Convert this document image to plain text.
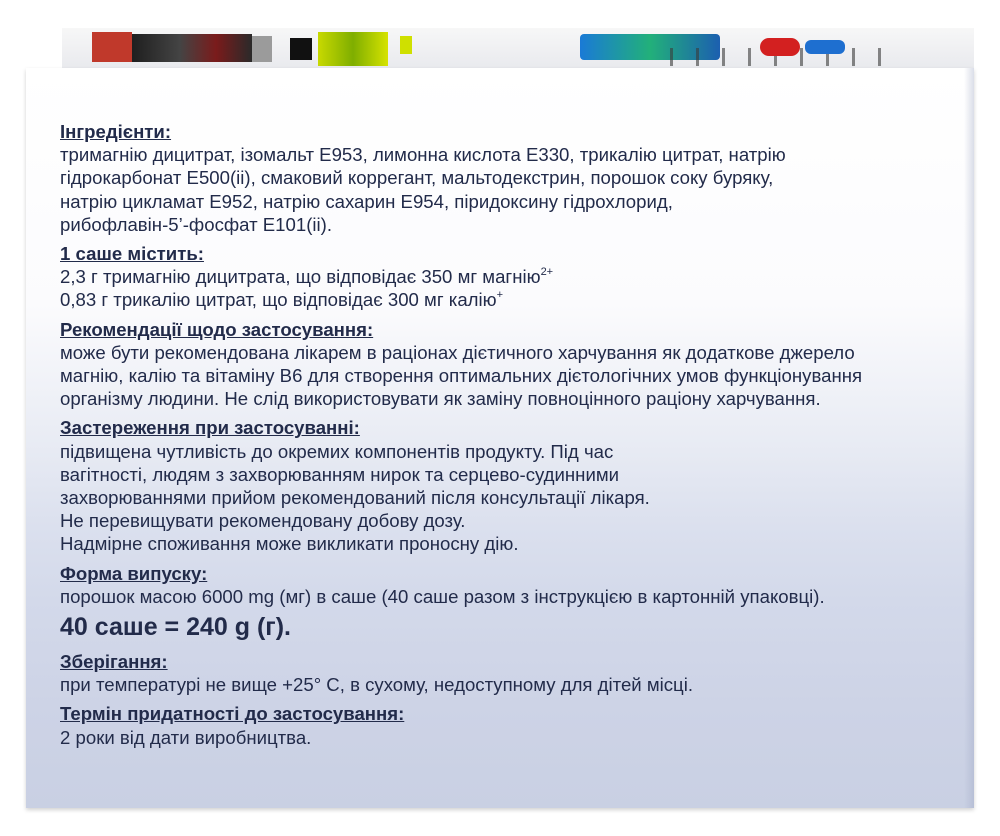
Інгредієнти:
тримагнію дицитрат, ізомальт E953, лимонна кислота E330, трикалію цитрат, натрію
гідрокарбонат E500(ii), смаковий коррегант, мальтодекстрин, порошок соку буряку,
натрію цикламат E952, натрію сахарин E954, піридоксину гідрохлорид,
рибофлавін-5’-фосфат E101(ii).
1 саше містить:
2,3 г тримагнію дицитрата, що відповідає 350 мг магнію$^{2+}$
0,83 г трикалію цитрат, що відповідає 300 мг калію+
Рекомендації щодо застосування:
може бути рекомендована лікарем в раціонах дієтичного харчування як додаткове джерело
магнію, калію та вітаміну В6 для створення оптимальних дієтологічних умов функціонування
організму людини. Не слід використовувати як заміну повноцінного раціону харчування.
Застереження при застосуванні:
підвищена чутливість до окремих компонентів продукту. Під час
вагітності, людям з захворюванням нирок та серцево-судинними
захворюваннями прийом рекомендований після консультації лікаря.
Не перевищувати рекомендовану добову дозу.
Надмірне споживання може викликати проносну дію.
Форма випуску:
порошок масою 6000 mg (мг) в саше (40 саше разом з інструкцією в картонній упаковці).
40 саше = 240 g (г).
Зберігання:
при температурі не вище +25° С, в сухому, недоступному для дітей місці.
Термін придатності до застосування:
2 роки від дати виробництва.
